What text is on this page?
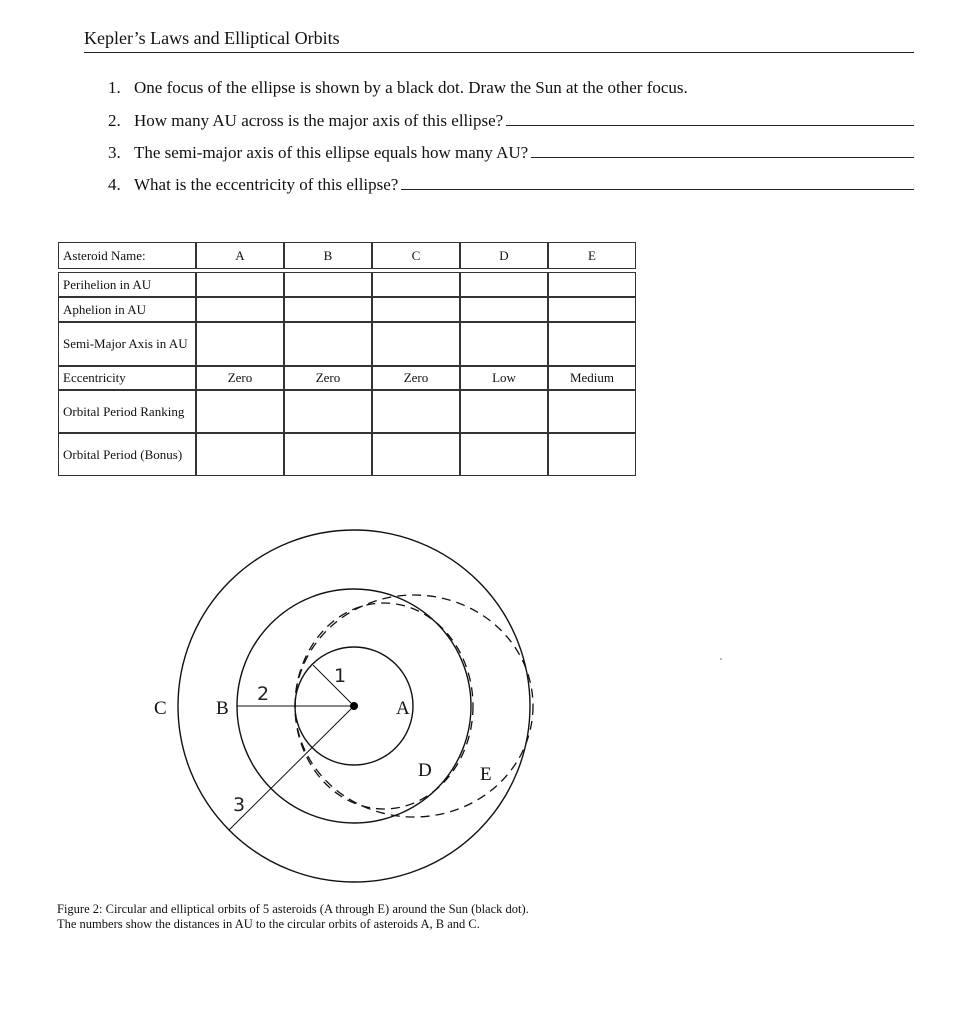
Kepler’s Laws and Elliptical Orbits
1. One focus of the ellipse is shown by a black dot. Draw the Sun at the other focus.
2. How many AU across is the major axis of this ellipse?
3. The semi-major axis of this ellipse equals how many AU?
4. What is the eccentricity of this ellipse?
Asteroid Name:	A	B	C	D	E

Perihelion in AU					
Aphelion in AU					
Semi-Major Axis in AU					
Eccentricity	Zero	Zero	Zero	Low	Medium
Orbital Period Ranking					
Orbital Period (Bonus)					
C	B	A
D	E
1
2
3
Figure 2: Circular and elliptical orbits of 5 asteroids (A through E) around the Sun (black dot).
The numbers show the distances in AU to the circular orbits of asteroids A, B and C.
